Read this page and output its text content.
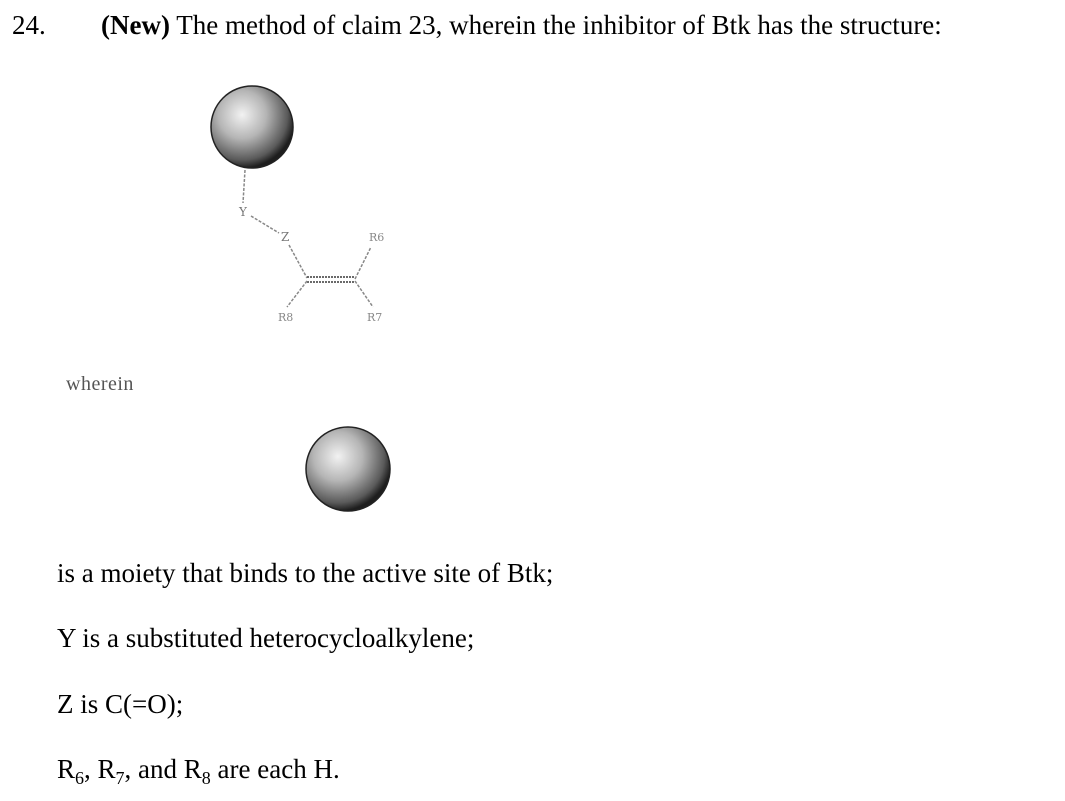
24. (New) The method of claim 23, wherein the inhibitor of Btk has the structure:
Y
Z	R6
R8	R7
wherein
is a moiety that binds to the active site of Btk;
Y is a substituted heterocycloalkylene;
Z is C(=O);
$R_6$, $R_7$, and $R_8$ are each H.
